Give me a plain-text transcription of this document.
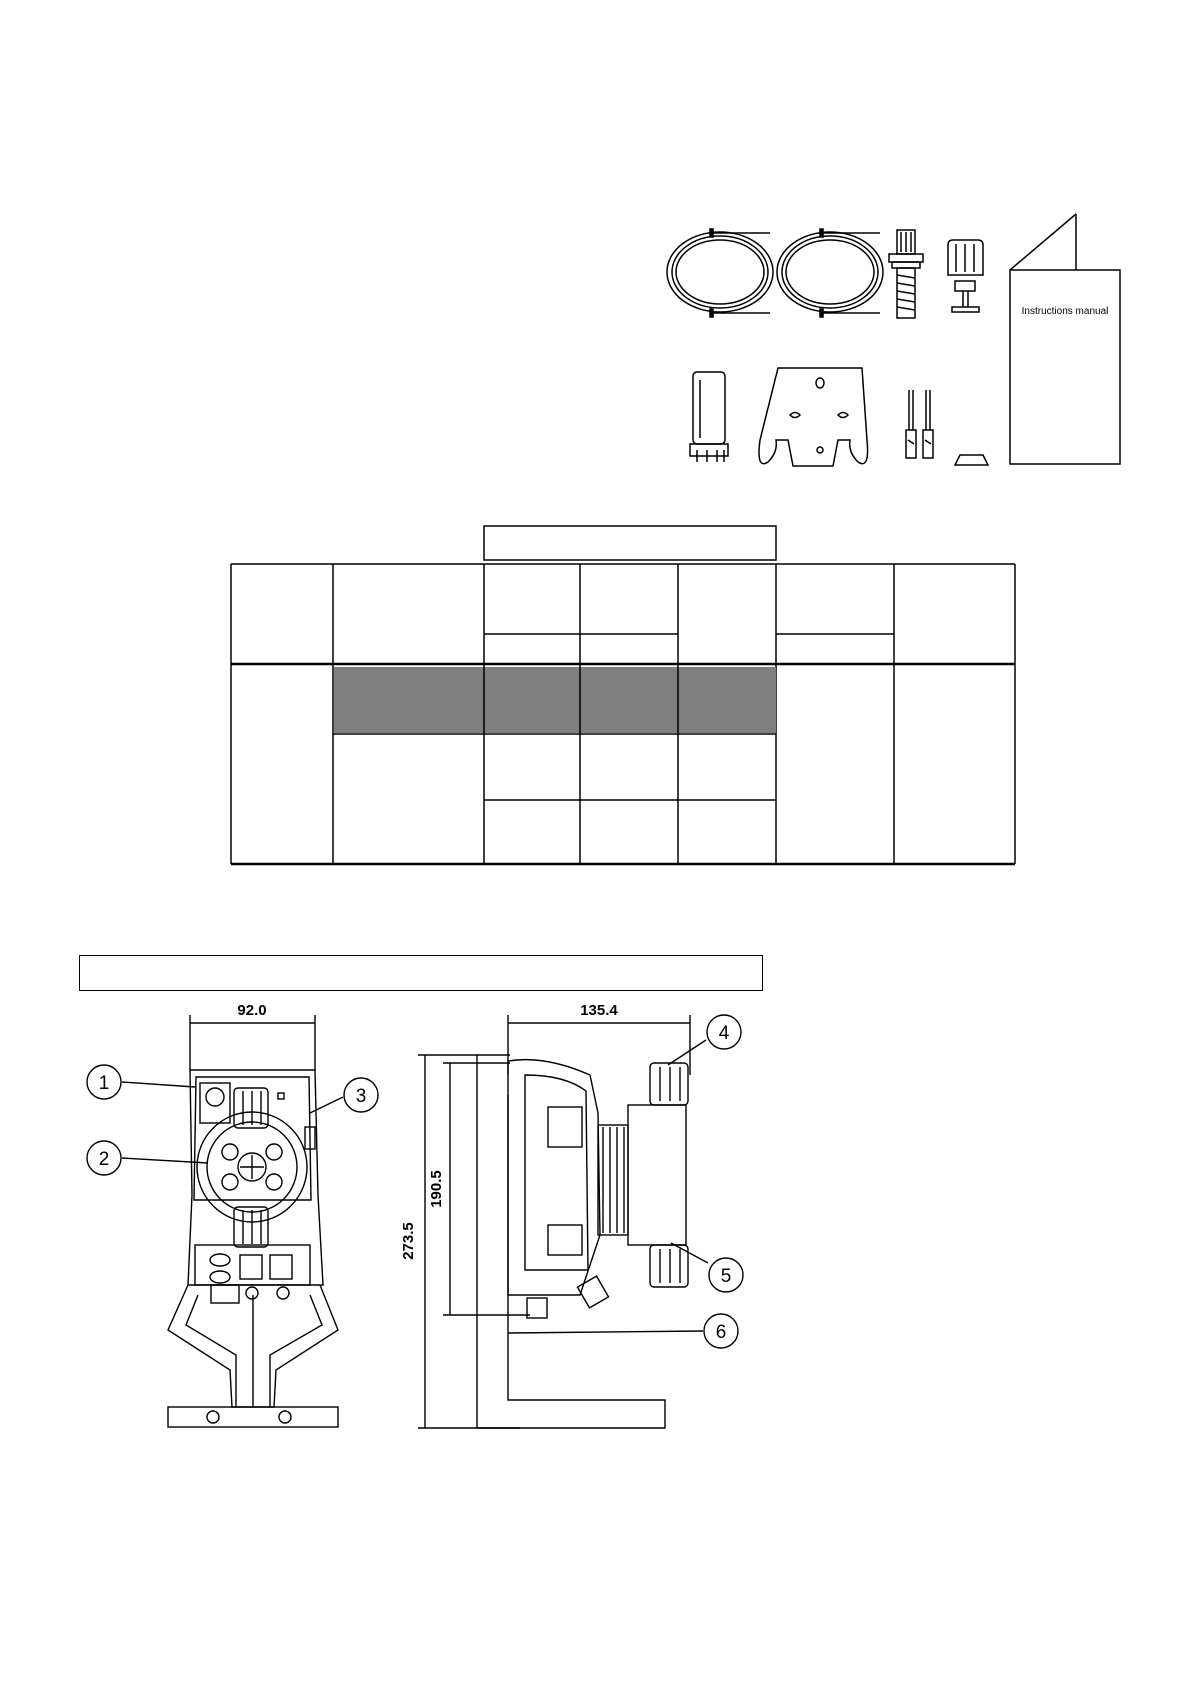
Instructions manual
92.0	135.4
273.5
190.5
1
2
3
4
5
6
